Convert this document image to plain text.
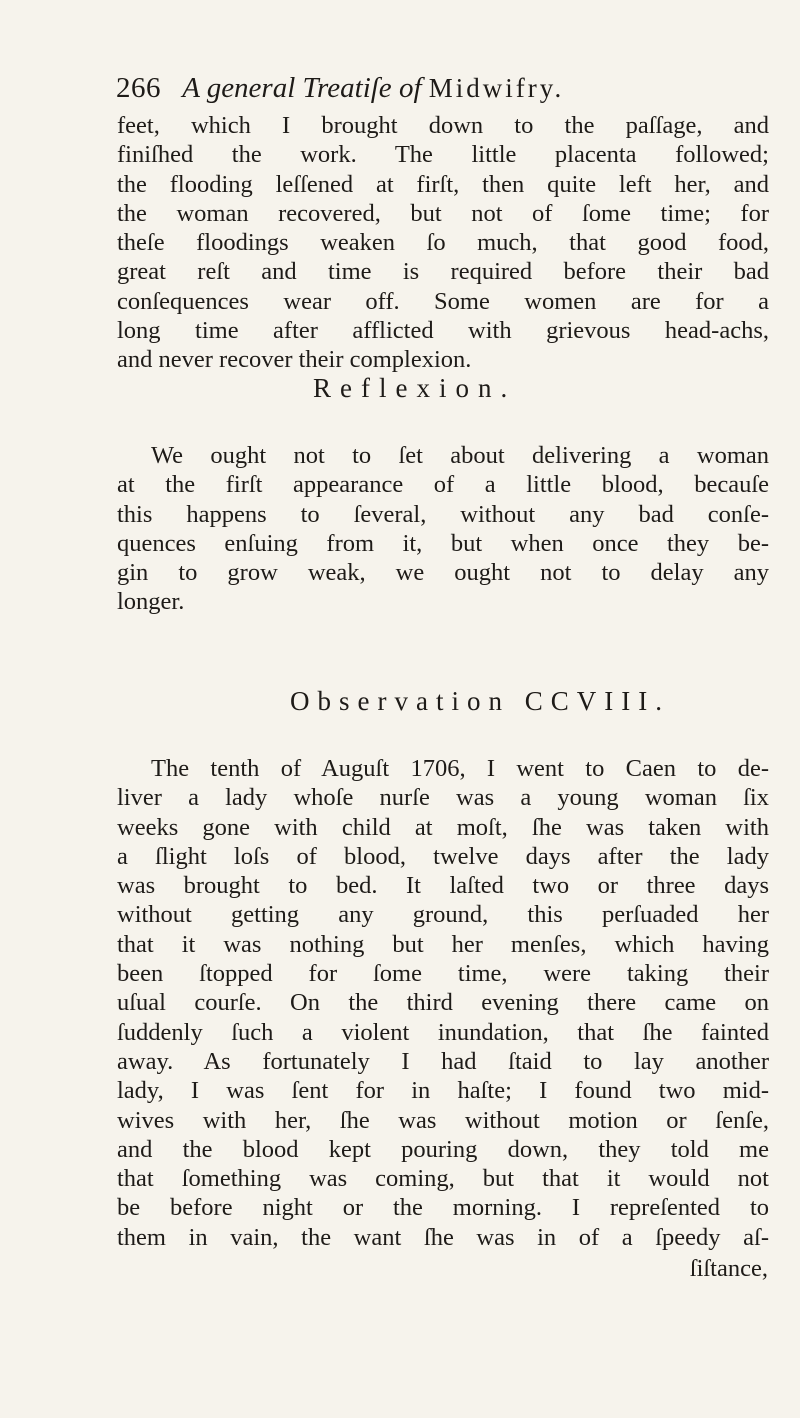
266 A general Treatiſe of Midwifry.
feet, which I brought down to the paſſage, and
finiſhed the work. The little placenta followed;
the flooding leſſened at firſt, then quite left her, and
the woman recovered, but not of ſome time; for
theſe floodings weaken ſo much, that good food,
great reſt and time is required before their bad
conſequences wear off. Some women are for a
long time after afflicted with grievous head-achs,
and never recover their complexion.
Reflexion.
We ought not to ſet about delivering a woman
at the firſt appearance of a little blood, becauſe
this happens to ſeveral, without any bad conſe-
quences enſuing from it, but when once they be-
gin to grow weak, we ought not to delay any
longer.
Observation CCVIII.
The tenth of Auguſt 1706, I went to Caen to de-
liver a lady whoſe nurſe was a young woman ſix
weeks gone with child at moſt, ſhe was taken with
a ſlight loſs of blood, twelve days after the lady
was brought to bed. It laſted two or three days
without getting any ground, this perſuaded her
that it was nothing but her menſes, which having
been ſtopped for ſome time, were taking their
uſual courſe. On the third evening there came on
ſuddenly ſuch a violent inundation, that ſhe fainted
away. As fortunately I had ſtaid to lay another
lady, I was ſent for in haſte; I found two mid-
wives with her, ſhe was without motion or ſenſe,
and the blood kept pouring down, they told me
that ſomething was coming, but that it would not
be before night or the morning. I repreſented to
them in vain, the want ſhe was in of a ſpeedy aſ-
ſiſtance,
